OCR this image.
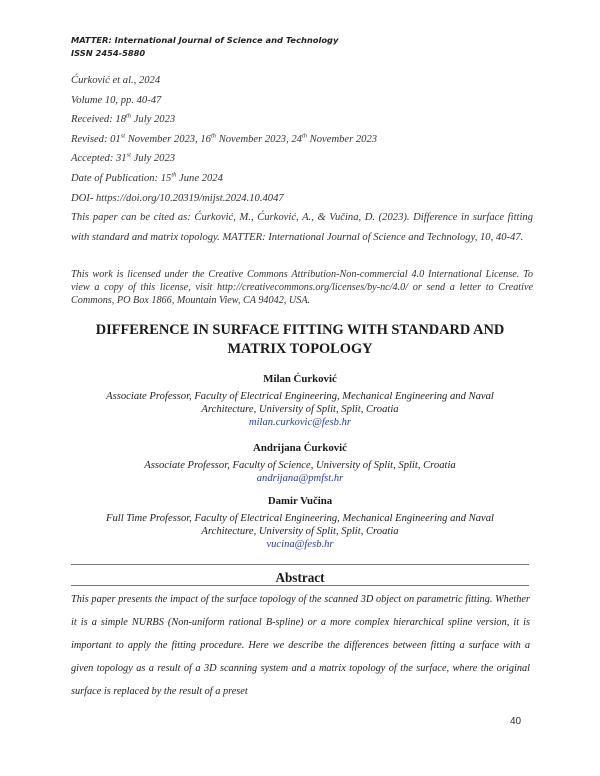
MATTER: International Journal of Science and Technology
ISSN 2454-5880
Ćurković et al., 2024
Volume 10, pp. 40-47
Received: 18th July 2023
Revised: 01st November 2023, 16th November 2023, 24th November 2023
Accepted: 31st July 2023
Date of Publication: 15th June 2024
DOI- https://doi.org/10.20319/mijst.2024.10.4047
This paper can be cited as: Ćurković, M., Ćurković, A., & Vučina, D. (2023). Difference in surface fitting with standard and matrix topology. MATTER: International Journal of Science and Technology, 10, 40-47.
This work is licensed under the Creative Commons Attribution-Non-commercial 4.0 International License. To view a copy of this license, visit http://creativecommons.org/licenses/by-nc/4.0/ or send a letter to Creative Commons, PO Box 1866, Mountain View, CA 94042, USA.
DIFFERENCE IN SURFACE FITTING WITH STANDARD AND
MATRIX TOPOLOGY
Milan Ćurković
Associate Professor, Faculty of Electrical Engineering, Mechanical Engineering and Naval
Architecture, University of Split, Split, Croatia
milan.curkovic@fesb.hr
Andrijana Ćurković
Associate Professor, Faculty of Science, University of Split, Split, Croatia
andrijana@pmfst.hr
Damir Vučina
Full Time Professor, Faculty of Electrical Engineering, Mechanical Engineering and Naval
Architecture, University of Split, Split, Croatia
vucina@fesb.hr
Abstract
This paper presents the impact of the surface topology of the scanned 3D object on parametric fitting. Whether it is a simple NURBS (Non-uniform rational B-spline) or a more complex hierarchical spline version, it is important to apply the fitting procedure. Here we describe the differences between fitting a surface with a given topology as a result of a 3D scanning system and a matrix topology of the surface, where the original surface is replaced by the result of a preset
40
